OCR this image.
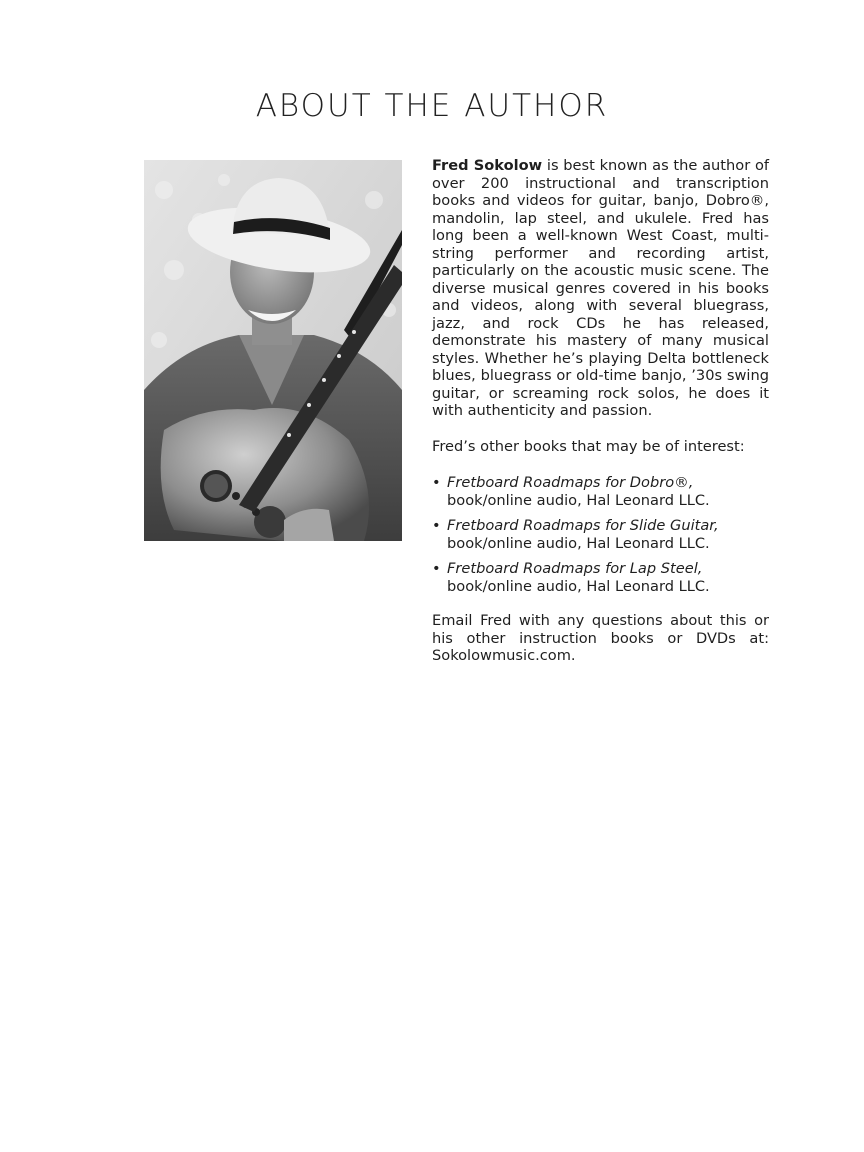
ABOUT THE AUTHOR

Fred Sokolow is best known as the author of over 200 instructional and transcription books and videos for guitar, banjo, Dobro®, mandolin, lap steel, and ukulele. Fred has long been a well-known West Coast, multi-string performer and recording artist, particularly on the acoustic music scene. The diverse musical genres covered in his books and videos, along with several bluegrass, jazz, and rock CDs he has released, demonstrate his mastery of many musical styles. Whether he’s playing Delta bottleneck blues, bluegrass or old-time banjo, ’30s swing guitar, or screaming rock solos, he does it with authenticity and passion.

Fred’s other books that may be of interest:

• Fretboard Roadmaps for Dobro®,
book/online audio, Hal Leonard LLC.
• Fretboard Roadmaps for Slide Guitar,
book/online audio, Hal Leonard LLC.
• Fretboard Roadmaps for Lap Steel,
book/online audio, Hal Leonard LLC.

Email Fred with any questions about this or his other instruction books or DVDs at: Sokolowmusic.com.
